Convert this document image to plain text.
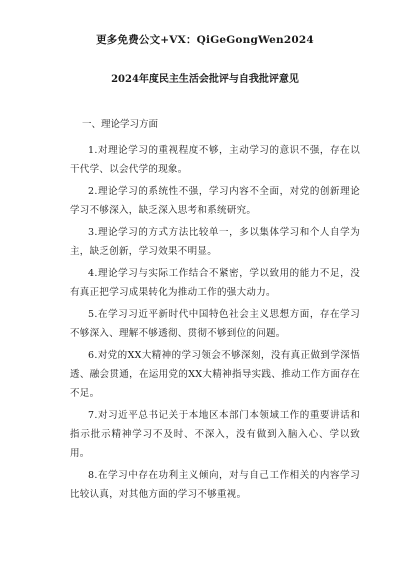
更多免费公文+VX：QiGeGongWen2024
2024年度民主生活会批评与自我批评意见
一、理论学习方面

1.对理论学习的重视程度不够，主动学习的意识不强，存在以干代学、以会代学的现象。

2.理论学习的系统性不强，学习内容不全面，对党的创新理论学习不够深入，缺乏深入思考和系统研究。

3.理论学习的方式方法比较单一，多以集体学习和个人自学为主，缺乏创新，学习效果不明显。

4.理论学习与实际工作结合不紧密，学以致用的能力不足，没有真正把学习成果转化为推动工作的强大动力。

5.在学习习近平新时代中国特色社会主义思想方面，存在学习不够深入、理解不够透彻、贯彻不够到位的问题。

6.对党的XX大精神的学习领会不够深刻，没有真正做到学深悟透、融会贯通，在运用党的XX大精神指导实践、推动工作方面存在不足。

7.对习近平总书记关于本地区本部门本领域工作的重要讲话和指示批示精神学习不及时、不深入，没有做到入脑入心、学以致用。

8.在学习中存在功利主义倾向，对与自己工作相关的内容学习比较认真，对其他方面的学习不够重视。
